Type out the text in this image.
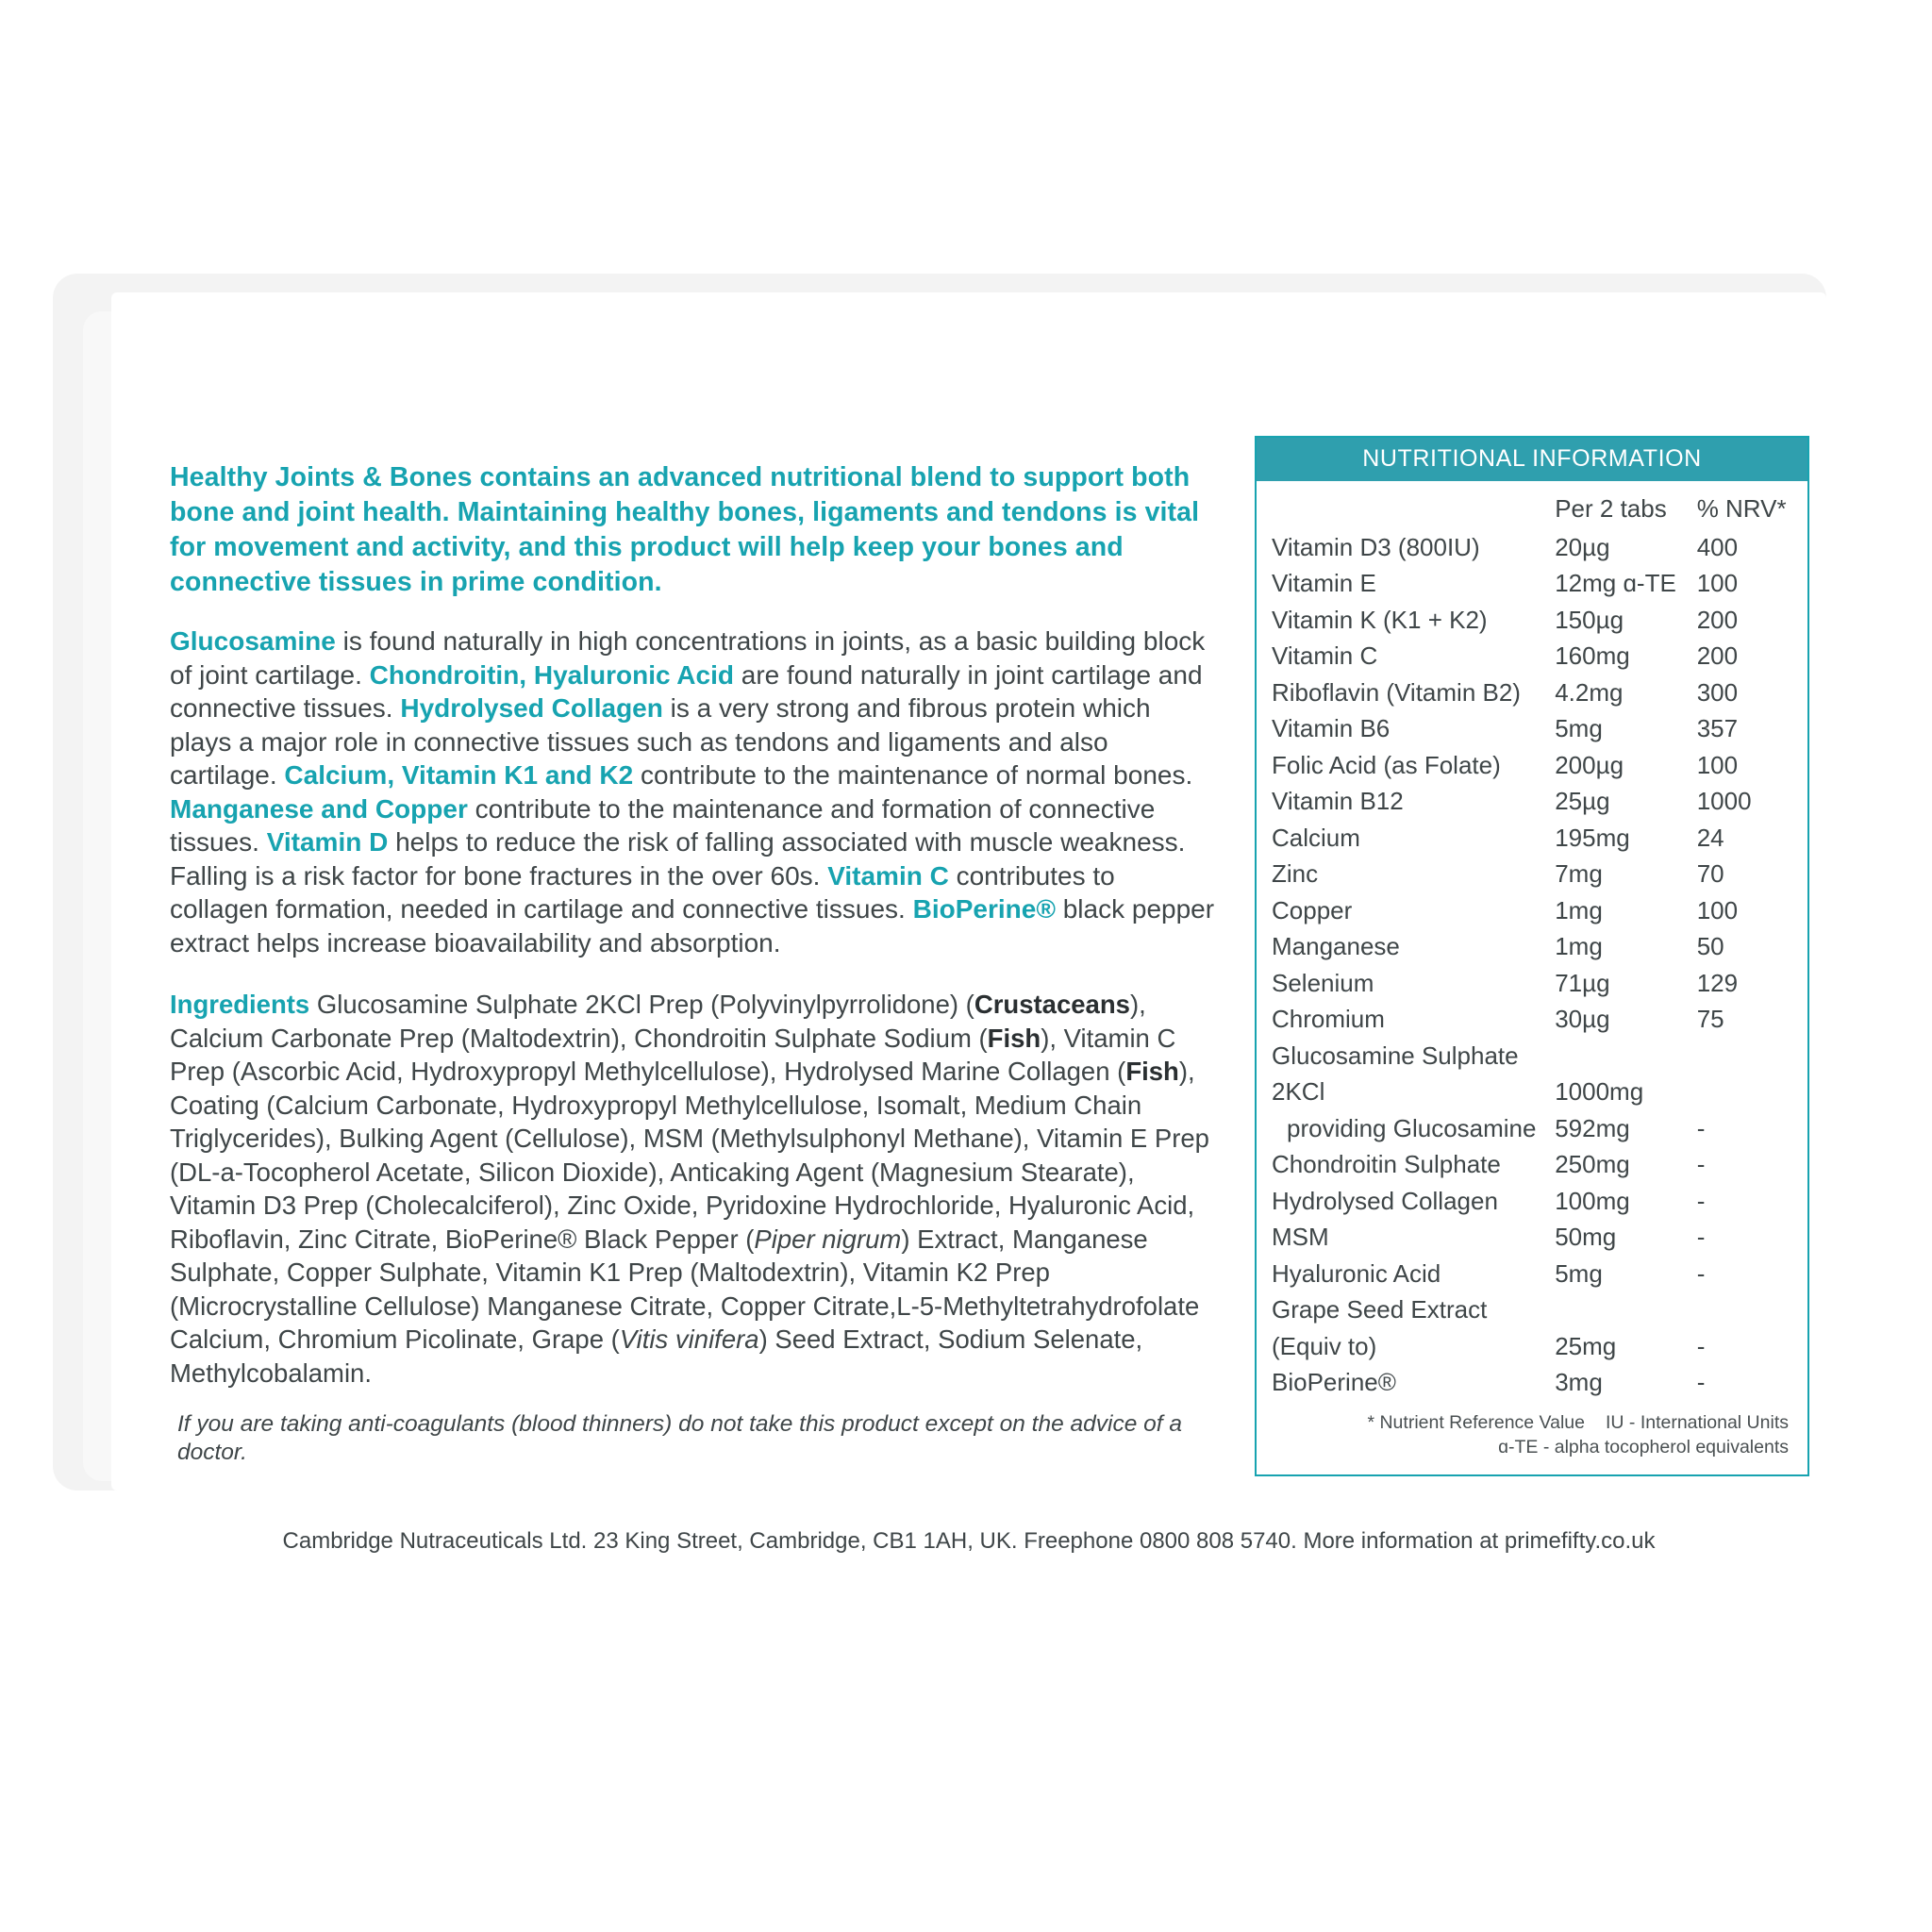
Healthy Joints & Bones contains an advanced nutritional blend to support both bone and joint health. Maintaining healthy bones, ligaments and tendons is vital for movement and activity, and this product will help keep your bones and connective tissues in prime condition.

Glucosamine is found naturally in high concentrations in joints, as a basic building block of joint cartilage. Chondroitin, Hyaluronic Acid are found naturally in joint cartilage and connective tissues. Hydrolysed Collagen is a very strong and fibrous protein which plays a major role in connective tissues such as tendons and ligaments and also cartilage. Calcium, Vitamin K1 and K2 contribute to the maintenance of normal bones. Manganese and Copper contribute to the maintenance and formation of connective tissues. Vitamin D helps to reduce the risk of falling associated with muscle weakness. Falling is a risk factor for bone fractures in the over 60s. Vitamin C contributes to collagen formation, needed in cartilage and connective tissues. BioPerine® black pepper extract helps increase bioavailability and absorption.

Ingredients Glucosamine Sulphate 2KCl Prep (Polyvinylpyrrolidone) (Crustaceans), Calcium Carbonate Prep (Maltodextrin), Chondroitin Sulphate Sodium (Fish), Vitamin C Prep (Ascorbic Acid, Hydroxypropyl Methylcellulose), Hydrolysed Marine Collagen (Fish), Coating (Calcium Carbonate, Hydroxypropyl Methylcellulose, Isomalt, Medium Chain Triglycerides), Bulking Agent (Cellulose), MSM (Methylsulphonyl Methane), Vitamin E Prep (DL-a-Tocopherol Acetate, Silicon Dioxide), Anticaking Agent (Magnesium Stearate), Vitamin D3 Prep (Cholecalciferol), Zinc Oxide, Pyridoxine Hydrochloride, Hyaluronic Acid, Riboflavin, Zinc Citrate, BioPerine® Black Pepper (Piper nigrum) Extract, Manganese Sulphate, Copper Sulphate, Vitamin K1 Prep (Maltodextrin), Vitamin K2 Prep (Microcrystalline Cellulose) Manganese Citrate, Copper Citrate,L-5-Methyltetrahydrofolate Calcium, Chromium Picolinate, Grape (Vitis vinifera) Seed Extract, Sodium Selenate, Methylcobalamin.

If you are taking anti-coagulants (blood thinners) do not take this product except on the advice of a doctor.

NUTRITIONAL INFORMATION
	Per 2 tabs	% NRV*
Vitamin D3 (800IU)	20µg	400
Vitamin E	12mg ɑ-TE	100
Vitamin K (K1 + K2)	150µg	200
Vitamin C	160mg	200
Riboflavin (Vitamin B2)	4.2mg	300
Vitamin B6	5mg	357
Folic Acid (as Folate)	200µg	100
Vitamin B12	25µg	1000
Calcium	195mg	24
Zinc	7mg	70
Copper	1mg	100
Manganese	1mg	50
Selenium	71µg	129
Chromium	30µg	75
Glucosamine Sulphate		
2KCl	1000mg	
providing Glucosamine	592mg	-
Chondroitin Sulphate	250mg	-
Hydrolysed Collagen	100mg	-
MSM	50mg	-
Hyaluronic Acid	5mg	-
Grape Seed Extract		
(Equiv to)	25mg	-
BioPerine®	3mg	-
* Nutrient Reference Value IU - International Units
ɑ-TE - alpha tocopherol equivalents
Cambridge Nutraceuticals Ltd. 23 King Street, Cambridge, CB1 1AH, UK. Freephone 0800 808 5740. More information at primefifty.co.uk
